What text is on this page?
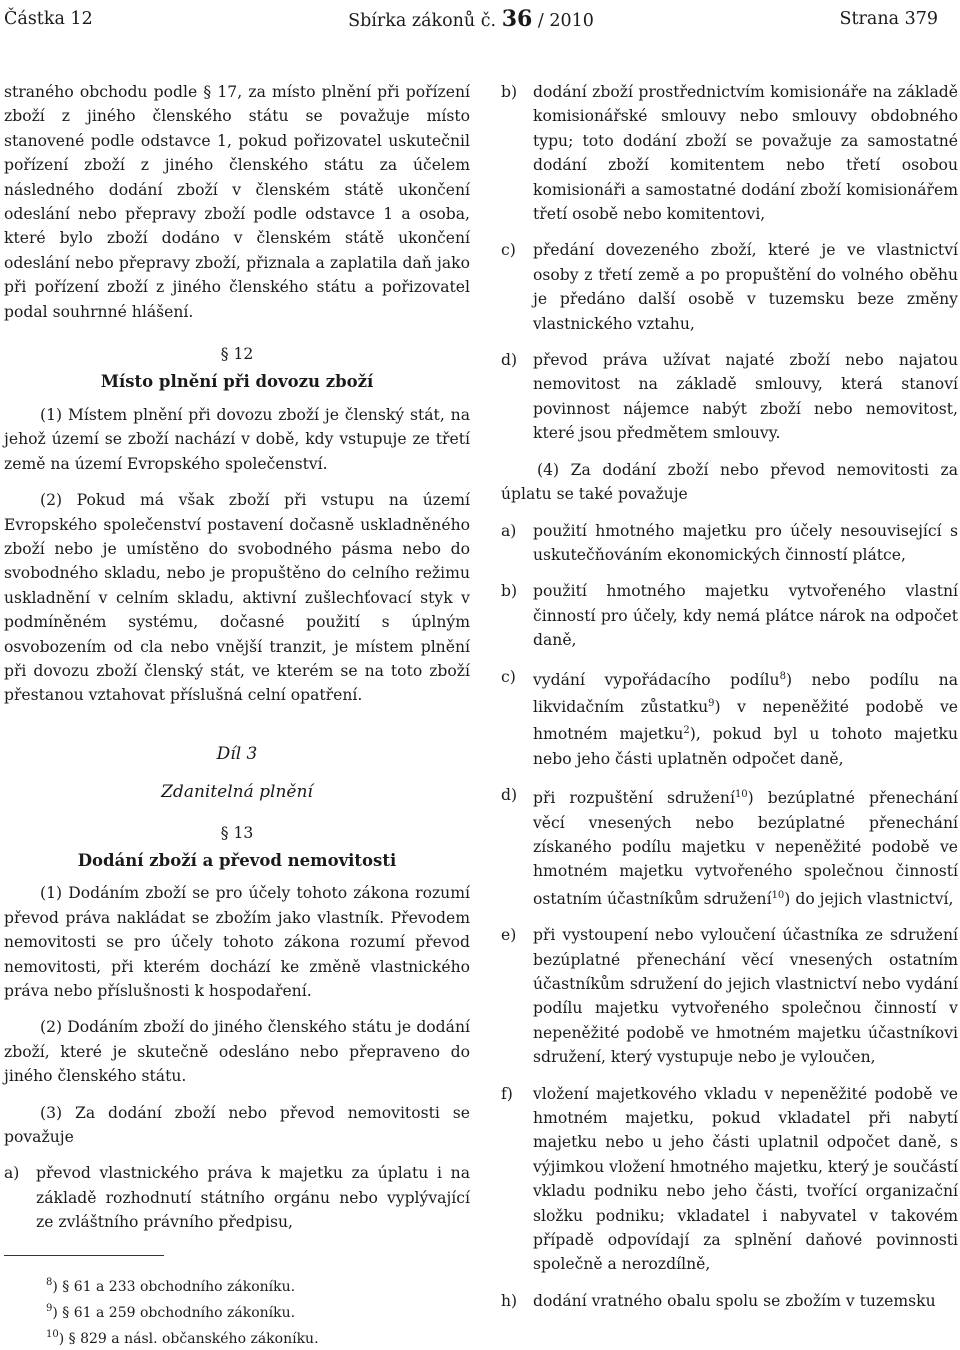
Částka 12	Sbírka zákonů č. 36 / 2010	Strana 379

straného obchodu podle § 17, za místo plnění při pořízení zboží z jiného členského státu se považuje místo stanovené podle odstavce 1, pokud pořizovatel uskutečnil pořízení zboží z jiného členského státu za účelem následného dodání zboží v členském státě ukončení odeslání nebo přepravy zboží podle odstavce 1 a osoba, které bylo zboží dodáno v členském státě ukončení odeslání nebo přepravy zboží, přiznala a zaplatila daň jako při pořízení zboží z jiného členského státu a pořizovatel podal souhrnné hlášení.

§ 12
Místo plnění při dovozu zboží

(1) Místem plnění při dovozu zboží je členský stát, na jehož území se zboží nachází v době, kdy vstupuje ze třetí země na území Evropského společenství.

(2) Pokud má však zboží při vstupu na území Evropského společenství postavení dočasně uskladněného zboží nebo je umístěno do svobodného pásma nebo do svobodného skladu, nebo je propuštěno do celního režimu uskladnění v celním skladu, aktivní zušlechťovací styk v podmíněném systému, dočasné použití s úplným osvobozením od cla nebo vnější tranzit, je místem plnění při dovozu zboží členský stát, ve kterém se na toto zboží přestanou vztahovat příslušná celní opatření.

Díl 3
Zdanitelná plnění
§ 13
Dodání zboží a převod nemovitosti

(1) Dodáním zboží se pro účely tohoto zákona rozumí převod práva nakládat se zbožím jako vlastník. Převodem nemovitosti se pro účely tohoto zákona rozumí převod nemovitosti, při kterém dochází ke změně vlastnického práva nebo příslušnosti k hospodaření.

(2) Dodáním zboží do jiného členského státu je dodání zboží, které je skutečně odesláno nebo přepraveno do jiného členského státu.

(3) Za dodání zboží nebo převod nemovitosti se považuje

a) převod vlastnického práva k majetku za úplatu i na základě rozhodnutí státního orgánu nebo vyplývající ze zvláštního právního předpisu,
b) dodání zboží prostřednictvím komisionáře na základě komisionářské smlouvy nebo smlouvy obdobného typu; toto dodání zboží se považuje za samostatné dodání zboží komitentem nebo třetí osobou komisionáři a samostatné dodání zboží komisionářem třetí osobě nebo komitentovi,
c) předání dovezeného zboží, které je ve vlastnictví osoby z třetí země a po propuštění do volného oběhu je předáno další osobě v tuzemsku beze změny vlastnického vztahu,
d) převod práva užívat najaté zboží nebo najatou nemovitost na základě smlouvy, která stanoví povinnost nájemce nabýt zboží nebo nemovitost, které jsou předmětem smlouvy.

(4) Za dodání zboží nebo převod nemovitosti za úplatu se také považuje

a) použití hmotného majetku pro účely nesouvisející s uskutečňováním ekonomických činností plátce,
b) použití hmotného majetku vytvořeného vlastní činností pro účely, kdy nemá plátce nárok na odpočet daně,
c) vydání vypořádacího podílu$^8$) nebo podílu na likvidačním zůstatku$^9$) v nepeněžité podobě ve hmotném majetku$^2$), pokud byl u tohoto majetku nebo jeho části uplatněn odpočet daně,
d) při rozpuštění sdružení$^{10}$) bezúplatné přenechání věcí vnesených nebo bezúplatné přenechání získaného podílu majetku v nepeněžité podobě ve hmotném majetku vytvořeného společnou činností ostatním účastníkům sdružení$^{10}$) do jejich vlastnictví,
e) při vystoupení nebo vyloučení účastníka ze sdružení bezúplatné přenechání věcí vnesených ostatním účastníkům sdružení do jejich vlastnictví nebo vydání podílu majetku vytvořeného společnou činností v nepeněžité podobě ve hmotném majetku účastníkovi sdružení, který vystupuje nebo je vyloučen,
f) vložení majetkového vkladu v nepeněžité podobě ve hmotném majetku, pokud vkladatel při nabytí majetku nebo u jeho části uplatnil odpočet daně, s výjimkou vložení hmotného majetku, který je součástí vkladu podniku nebo jeho části, tvořící organizační složku podniku; vkladatel i nabyvatel v takovém případě odpovídají za splnění daňové povinnosti společně a nerozdílně,
h) dodání vratného obalu spolu se zbožím v tuzemsku
$^8$) § 61 a 233 obchodního zákoníku.
$^9$) § 61 a 259 obchodního zákoníku.
$^{10}$) § 829 a násl. občanského zákoníku.
